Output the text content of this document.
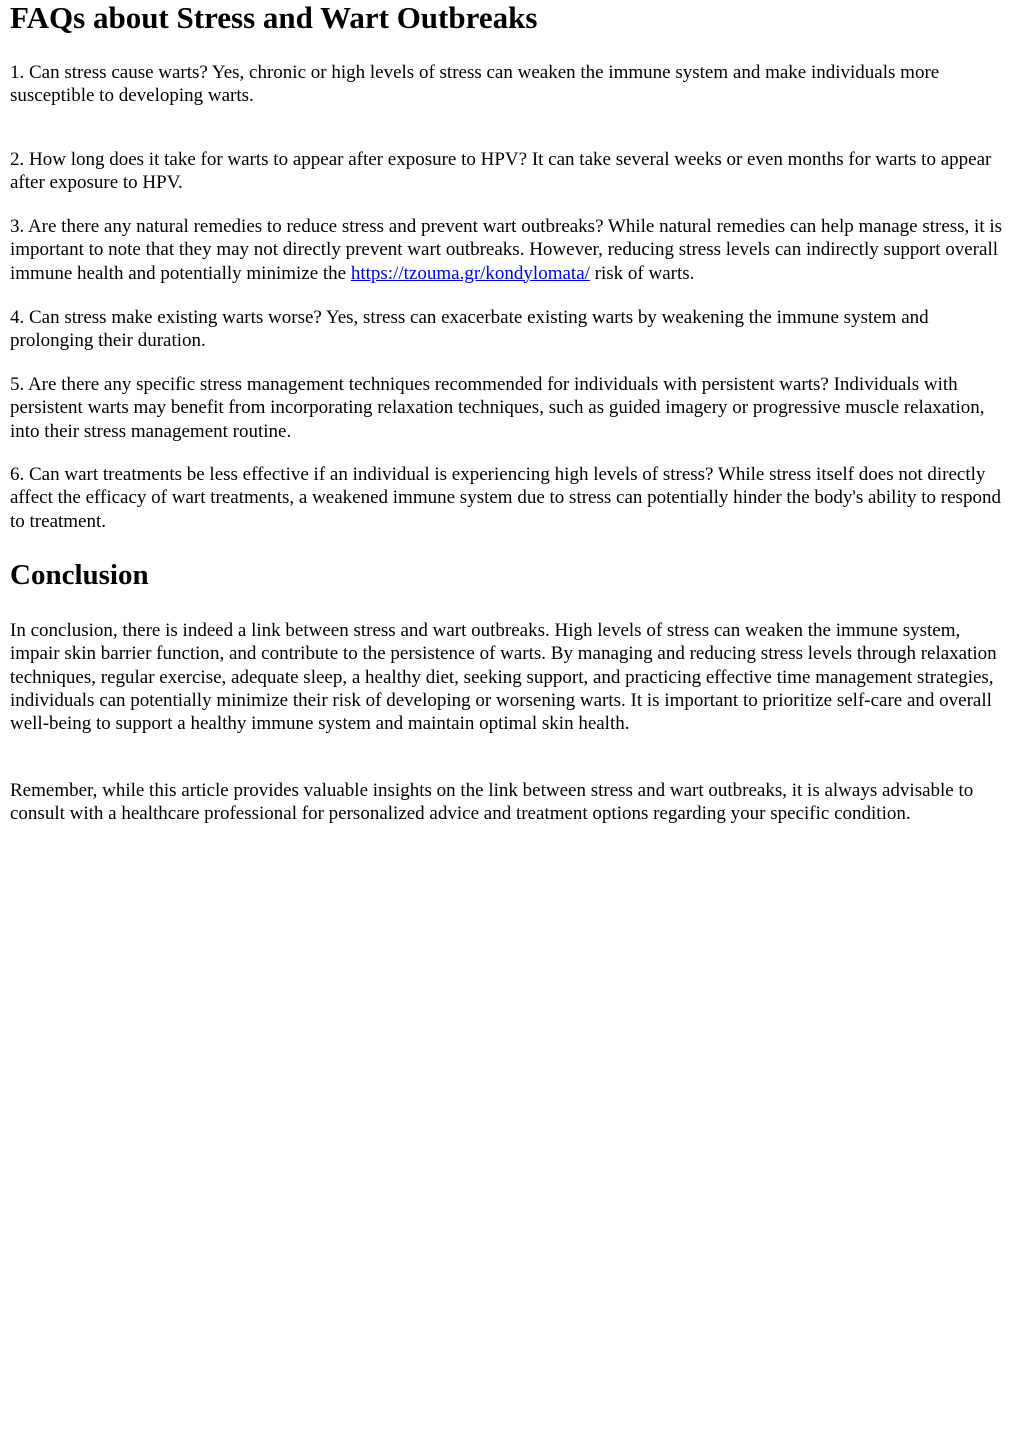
FAQs about Stress and Wart Outbreaks

1. Can stress cause warts? Yes, chronic or high levels of stress can weaken the immune system and make individuals more susceptible to developing warts.

2. How long does it take for warts to appear after exposure to HPV? It can take several weeks or even months for warts to appear after exposure to HPV.

3. Are there any natural remedies to reduce stress and prevent wart outbreaks? While natural remedies can help manage stress, it is important to note that they may not directly prevent wart outbreaks. However, reducing stress levels can indirectly support overall immune health and potentially minimize the https://tzouma.gr/kondylomata/ risk of warts.

4. Can stress make existing warts worse? Yes, stress can exacerbate existing warts by weakening the immune system and prolonging their duration.

5. Are there any specific stress management techniques recommended for individuals with persistent warts? Individuals with persistent warts may benefit from incorporating relaxation techniques, such as guided imagery or progressive muscle relaxation, into their stress management routine.

6. Can wart treatments be less effective if an individual is experiencing high levels of stress? While stress itself does not directly affect the efficacy of wart treatments, a weakened immune system due to stress can potentially hinder the body's ability to respond to treatment.

Conclusion

In conclusion, there is indeed a link between stress and wart outbreaks. High levels of stress can weaken the immune system, impair skin barrier function, and contribute to the persistence of warts. By managing and reducing stress levels through relaxation techniques, regular exercise, adequate sleep, a healthy diet, seeking support, and practicing effective time management strategies, individuals can potentially minimize their risk of developing or worsening warts. It is important to prioritize self-care and overall well-being to support a healthy immune system and maintain optimal skin health.

Remember, while this article provides valuable insights on the link between stress and wart outbreaks, it is always advisable to consult with a healthcare professional for personalized advice and treatment options regarding your specific condition.
